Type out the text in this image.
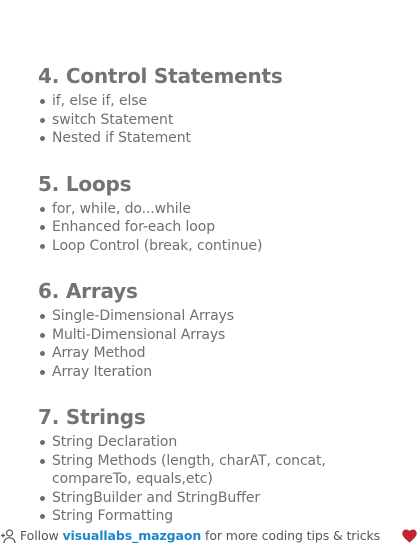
4. Control Statements
if, else if, else
switch Statement
Nested if Statement
5. Loops
for, while, do...while
Enhanced for-each loop
Loop Control (break, continue)
6. Arrays
Single-Dimensional Arrays
Multi-Dimensional Arrays
Array Method
Array Iteration
7. Strings
String Declaration
String Methods (length, charAT, concat, compareTo, equals,etc)
StringBuilder and StringBuffer
String Formatting
Follow visuallabs_mazgaon for more coding tips & tricks
